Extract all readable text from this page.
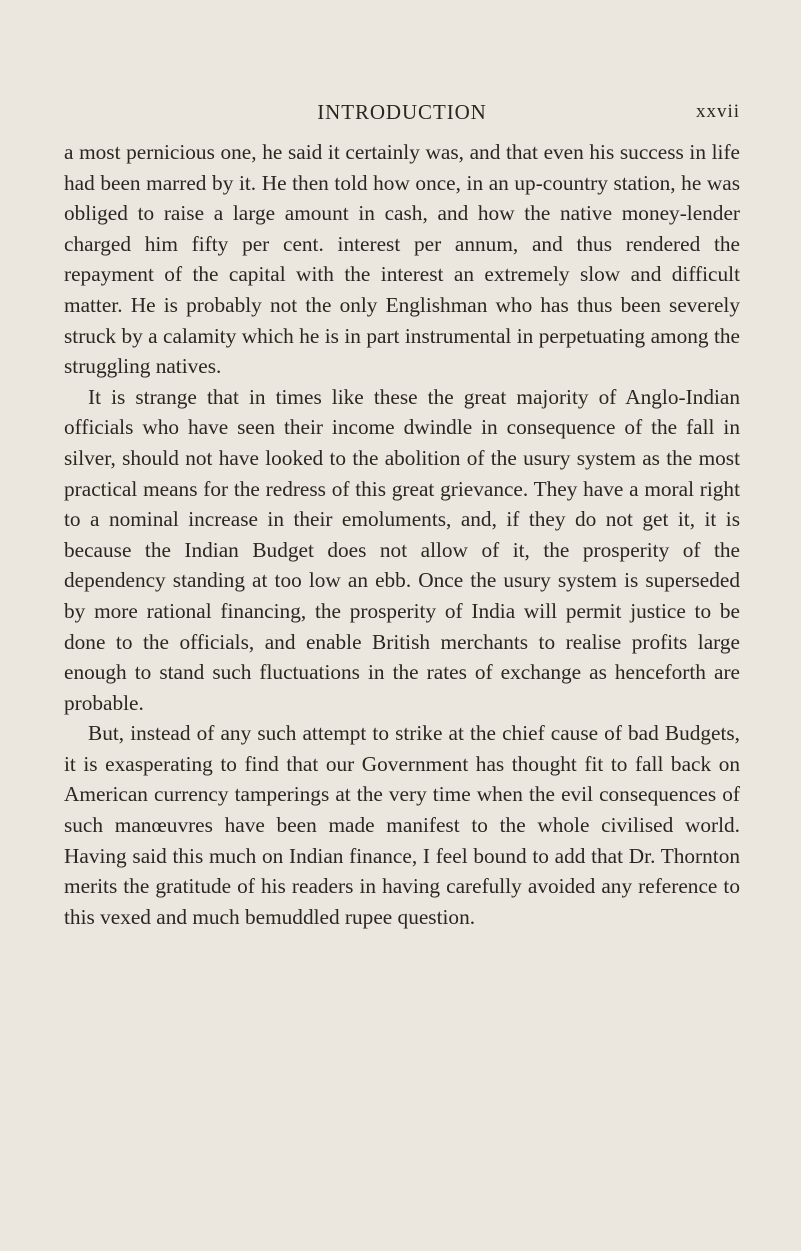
INTRODUCTION	xxvii

a most pernicious one, he said it certainly was, and that even his success in life had been marred by it. He then told how once, in an up-country station, he was obliged to raise a large amount in cash, and how the native money-lender charged him fifty per cent. interest per annum, and thus rendered the repayment of the capital with the interest an extremely slow and difficult matter. He is probably not the only Englishman who has thus been severely struck by a calamity which he is in part instrumental in perpetuating among the struggling natives.

It is strange that in times like these the great majority of Anglo-Indian officials who have seen their income dwindle in consequence of the fall in silver, should not have looked to the abolition of the usury system as the most practical means for the redress of this great grievance. They have a moral right to a nominal increase in their emoluments, and, if they do not get it, it is because the Indian Budget does not allow of it, the prosperity of the dependency standing at too low an ebb. Once the usury system is superseded by more rational financing, the prosperity of India will permit justice to be done to the officials, and enable British merchants to realise profits large enough to stand such fluctuations in the rates of exchange as henceforth are probable.

But, instead of any such attempt to strike at the chief cause of bad Budgets, it is exasperating to find that our Government has thought fit to fall back on American currency tamperings at the very time when the evil consequences of such manœuvres have been made manifest to the whole civilised world. Having said this much on Indian finance, I feel bound to add that Dr. Thornton merits the gratitude of his readers in having carefully avoided any reference to this vexed and much bemuddled rupee question.
